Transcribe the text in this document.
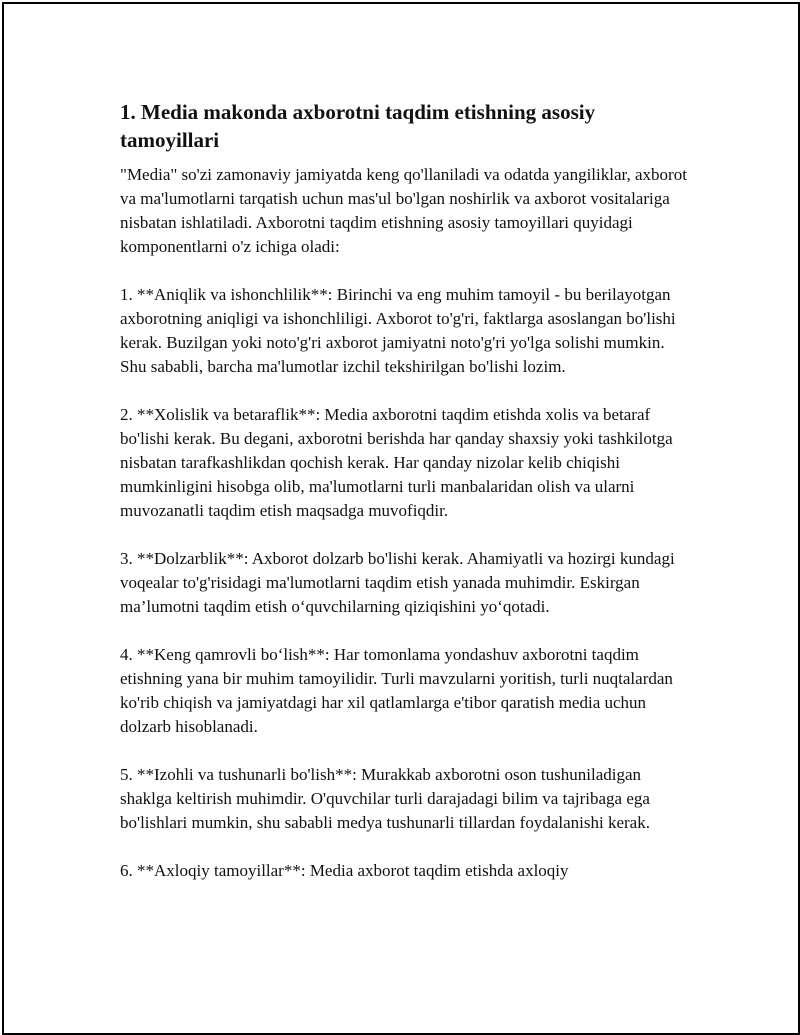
1. Media makonda axborotni taqdim etishning asosiy tamoyillari

"Media" so'zi zamonaviy jamiyatda keng qo'llaniladi va odatda yangiliklar, axborot va ma'lumotlarni tarqatish uchun mas'ul bo'lgan noshirlik va axborot vositalariga nisbatan ishlatiladi. Axborotni taqdim etishning asosiy tamoyillari quyidagi komponentlarni o'z ichiga oladi:

1. **Aniqlik va ishonchlilik**: Birinchi va eng muhim tamoyil - bu berilayotgan axborotning aniqligi va ishonchliligi. Axborot to'g'ri, faktlarga asoslangan bo'lishi kerak. Buzilgan yoki noto'g'ri axborot jamiyatni noto'g'ri yo'lga solishi mumkin. Shu sababli, barcha ma'lumotlar izchil tekshirilgan bo'lishi lozim.

2. **Xolislik va betaraflik**: Media axborotni taqdim etishda xolis va betaraf bo'lishi kerak. Bu degani, axborotni berishda har qanday shaxsiy yoki tashkilotga nisbatan tarafkashlikdan qochish kerak. Har qanday nizolar kelib chiqishi mumkinligini hisobga olib, ma'lumotlarni turli manbalaridan olish va ularni muvozanatli taqdim etish maqsadga muvofiqdir.

3. **Dolzarblik**: Axborot dolzarb bo'lishi kerak. Ahamiyatli va hozirgi kundagi voqealar to'g'risidagi ma'lumotlarni taqdim etish yanada muhimdir. Eskirgan ma’lumotni taqdim etish o‘quvchilarning qiziqishini yo‘qotadi.

4. **Keng qamrovli bo‘lish**: Har tomonlama yondashuv axborotni taqdim etishning yana bir muhim tamoyilidir. Turli mavzularni yoritish, turli nuqtalardan ko'rib chiqish va jamiyatdagi har xil qatlamlarga e'tibor qaratish media uchun dolzarb hisoblanadi.

5. **Izohli va tushunarli bo'lish**: Murakkab axborotni oson tushuniladigan shaklga keltirish muhimdir. O'quvchilar turli darajadagi bilim va tajribaga ega bo'lishlari mumkin, shu sababli medya tushunarli tillardan foydalanishi kerak.

6. **Axloqiy tamoyillar**: Media axborot taqdim etishda axloqiy
